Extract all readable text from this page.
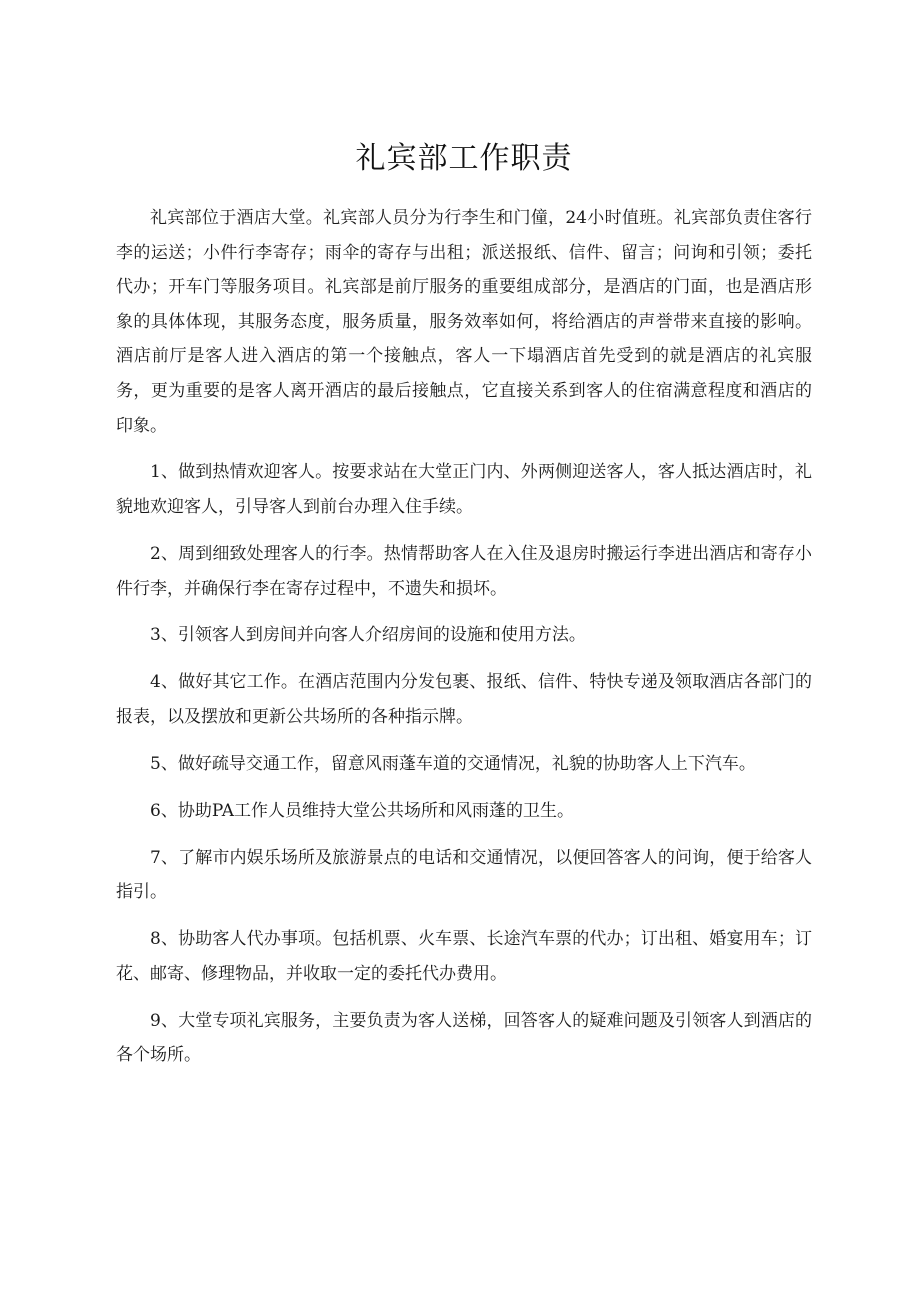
礼宾部工作职责

礼宾部位于酒店大堂。礼宾部人员分为行李生和门僮，24小时值班。礼宾部负责住客行李的运送；小件行李寄存；雨伞的寄存与出租；派送报纸、信件、留言；问询和引领；委托代办；开车门等服务项目。礼宾部是前厅服务的重要组成部分，是酒店的门面，也是酒店形象的具体体现，其服务态度，服务质量，服务效率如何，将给酒店的声誉带来直接的影响。酒店前厅是客人进入酒店的第一个接触点，客人一下塌酒店首先受到的就是酒店的礼宾服务，更为重要的是客人离开酒店的最后接触点，它直接关系到客人的住宿满意程度和酒店的印象。

1、做到热情欢迎客人。按要求站在大堂正门内、外两侧迎送客人，客人抵达酒店时，礼貌地欢迎客人，引导客人到前台办理入住手续。

2、周到细致处理客人的行李。热情帮助客人在入住及退房时搬运行李进出酒店和寄存小件行李，并确保行李在寄存过程中，不遗失和损坏。

3、引领客人到房间并向客人介绍房间的设施和使用方法。

4、做好其它工作。在酒店范围内分发包裹、报纸、信件、特快专递及领取酒店各部门的报表，以及摆放和更新公共场所的各种指示牌。

5、做好疏导交通工作，留意风雨蓬车道的交通情况，礼貌的协助客人上下汽车。

6、协助PA工作人员维持大堂公共场所和风雨蓬的卫生。

7、了解市内娱乐场所及旅游景点的电话和交通情况，以便回答客人的问询，便于给客人指引。

8、协助客人代办事项。包括机票、火车票、长途汽车票的代办；订出租、婚宴用车；订花、邮寄、修理物品，并收取一定的委托代办费用。

9、大堂专项礼宾服务，主要负责为客人送梯，回答客人的疑难问题及引领客人到酒店的各个场所。
